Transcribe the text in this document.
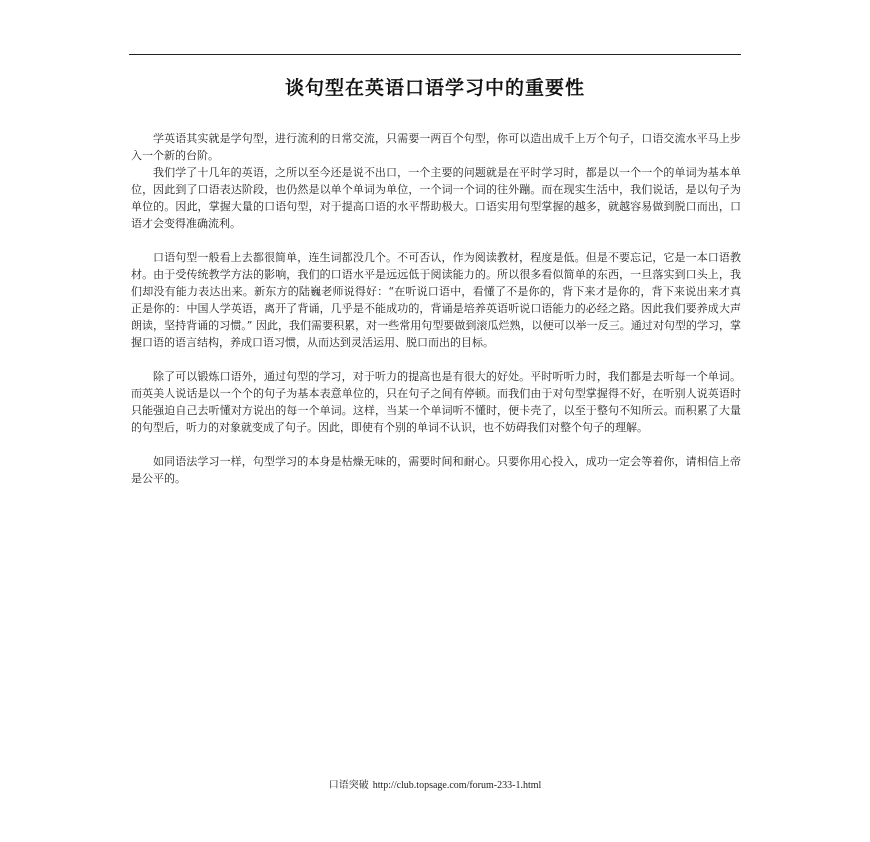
谈句型在英语口语学习中的重要性

学英语其实就是学句型，进行流利的日常交流，只需要一两百个句型，你可以造出成千上万个句子，口语交流水平马上步入一个新的台阶。

我们学了十几年的英语，之所以至今还是说不出口，一个主要的问题就是在平时学习时，都是以一个一个的单词为基本单位，因此到了口语表达阶段，也仍然是以单个单词为单位，一个词一个词的往外蹦。而在现实生活中，我们说话，是以句子为单位的。因此，掌握大量的口语句型，对于提高口语的水平帮助极大。口语实用句型掌握的越多，就越容易做到脱口而出，口语才会变得准确流利。

口语句型一般看上去都很简单，连生词都没几个。不可否认，作为阅读教材，程度是低。但是不要忘记，它是一本口语教材。由于受传统教学方法的影响，我们的口语水平是远远低于阅读能力的。所以很多看似简单的东西，一旦落实到口头上，我们却没有能力表达出来。新东方的陆巍老师说得好：“在听说口语中，看懂了不是你的，背下来才是你的，背下来说出来才真正是你的：中国人学英语，离开了背诵，几乎是不能成功的，背诵是培养英语听说口语能力的必经之路。因此我们要养成大声朗读，坚持背诵的习惯。” 因此，我们需要积累，对一些常用句型要做到滚瓜烂熟，以便可以举一反三。通过对句型的学习，掌握口语的语言结构，养成口语习惯，从而达到灵活运用、脱口而出的目标。

除了可以锻炼口语外，通过句型的学习，对于听力的提高也是有很大的好处。平时听听力时，我们都是去听每一个单词。而英美人说话是以一个个的句子为基本表意单位的，只在句子之间有停顿。而我们由于对句型掌握得不好，在听别人说英语时只能强迫自己去听懂对方说出的每一个单词。这样，当某一个单词听不懂时，便卡壳了，以至于整句不知所云。而积累了大量的句型后，听力的对象就变成了句子。因此，即使有个别的单词不认识，也不妨碍我们对整个句子的理解。

如同语法学习一样，句型学习的本身是枯燥无味的，需要时间和耐心。只要你用心投入，成功一定会等着你，请相信上帝是公平的。

口语突破 http://club.topsage.com/forum-233-1.html
